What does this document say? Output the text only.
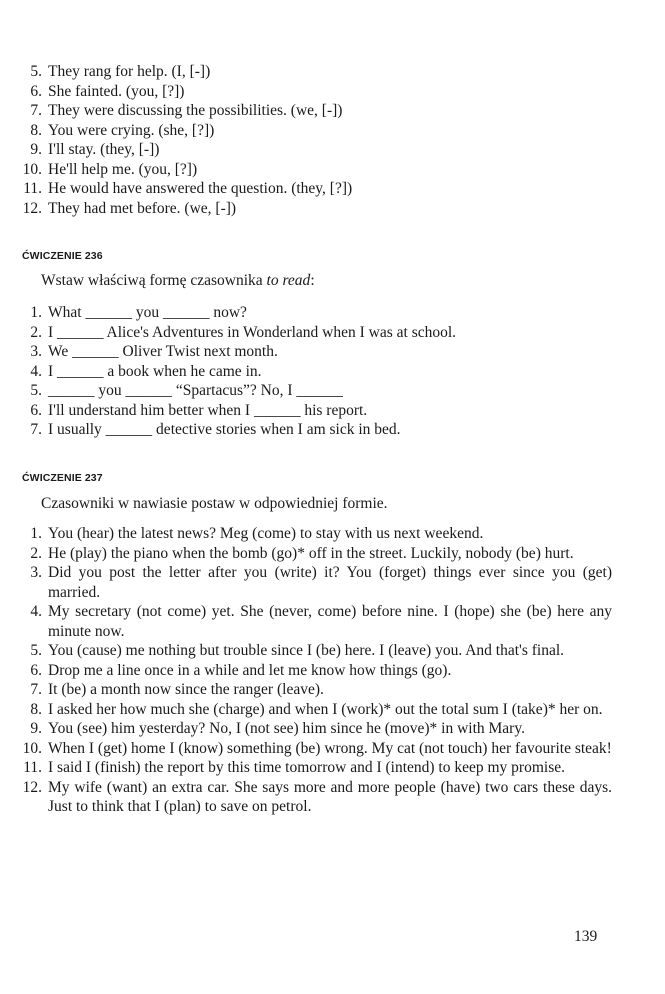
5. They rang for help. (I, [-])
6. She fainted. (you, [?])
7. They were discussing the possibilities. (we, [-])
8. You were crying. (she, [?])
9. I'll stay. (they, [-])
10. He'll help me. (you, [?])
11. He would have answered the question. (they, [?])
12. They had met before. (we, [-])
ĆWICZENIE 236
Wstaw właściwą formę czasownika to read:
1. What ______ you ______ now?
2. I ______ Alice's Adventures in Wonderland when I was at school.
3. We ______ Oliver Twist next month.
4. I ______ a book when he came in.
5. ______ you ______ “Spartacus”? No, I ______
6. I'll understand him better when I ______ his report.
7. I usually ______ detective stories when I am sick in bed.
ĆWICZENIE 237
Czasowniki w nawiasie postaw w odpowiedniej formie.
1. You (hear) the latest news? Meg (come) to stay with us next weekend.
2. He (play) the piano when the bomb (go)* off in the street. Luckily, nobody (be) hurt.
3. Did you post the letter after you (write) it? You (forget) things ever since you (get) married.
4. My secretary (not come) yet. She (never, come) before nine. I (hope) she (be) here any minute now.
5. You (cause) me nothing but trouble since I (be) here. I (leave) you. And that's final.
6. Drop me a line once in a while and let me know how things (go).
7. It (be) a month now since the ranger (leave).
8. I asked her how much she (charge) and when I (work)* out the total sum I (take)* her on.
9. You (see) him yesterday? No, I (not see) him since he (move)* in with Mary.
10. When I (get) home I (know) something (be) wrong. My cat (not touch) her favourite steak!
11. I said I (finish) the report by this time tomorrow and I (intend) to keep my promise.
12. My wife (want) an extra car. She says more and more people (have) two cars these days. Just to think that I (plan) to save on petrol.
139
